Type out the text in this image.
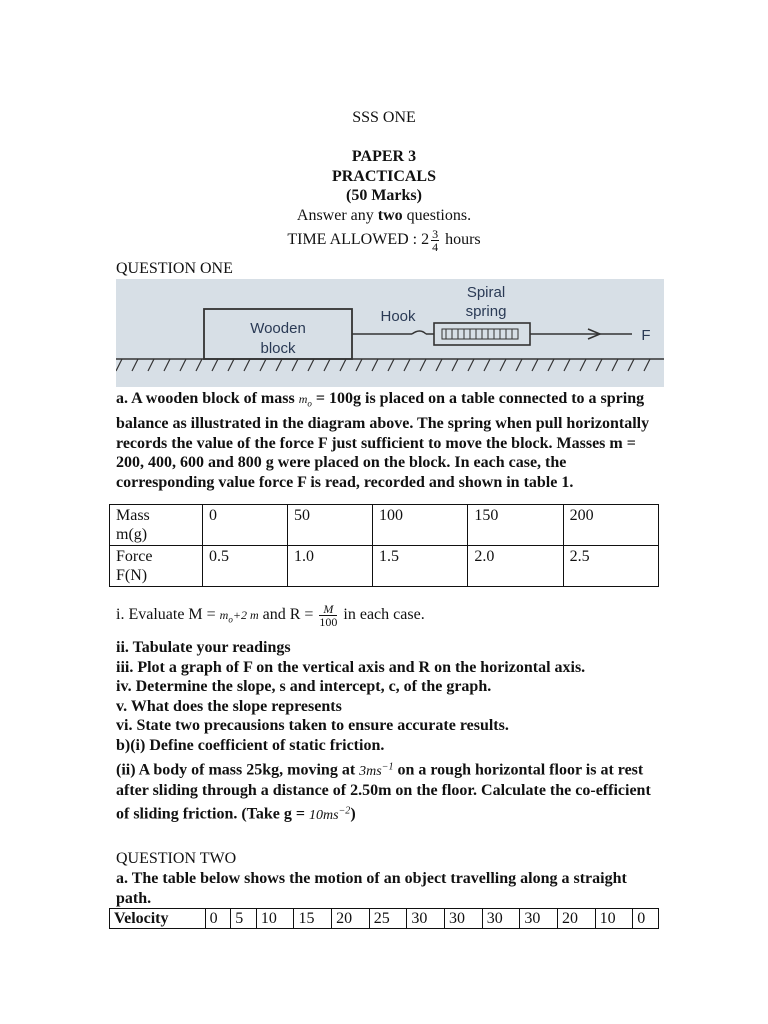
SSS ONE
PAPER 3
PRACTICALS
(50 Marks)
Answer any two questions.
TIME ALLOWED : $2 \frac{3}{4}$ hours
QUESTION ONE
Wooden
block
Hook
Spiral
spring
F
a. A wooden block of mass $m_o = 100g$ is placed on a table connected to a spring balance as illustrated in the diagram above. The spring when pull horizontally records the value of the force F just sufficient to move the block. Masses m = 200, 400, 600 and 800 g were placed on the block. In each case, the corresponding value force F is read, recorded and shown in table 1.
Mass
m(g)	0	50	100	150	200

Force
F(N)	0.5	1.0	1.5	2.0	2.5
i. Evaluate $M = m_o+2$ m and $R = \frac{M}{100}$ in each case.
ii. Tabulate your readings
iii. Plot a graph of F on the vertical axis and R on the horizontal axis.
iv. Determine the slope, s and intercept, c, of the graph.
v. What does the slope represents
vi. State two precausions taken to ensure accurate results.
b)(i) Define coefficient of static friction.
(ii) A body of mass 25kg, moving at $3ms^{-1}$ on a rough horizontal floor is at rest after sliding through a distance of 2.50m on the floor. Calculate the co-efficient of sliding friction. (Take $g = 10ms^{-2}$)
QUESTION TWO
a. The table below shows the motion of an object travelling along a straight path.
Velocity	0	5	10	15	20	25	30	30	30	30	20	10	0
